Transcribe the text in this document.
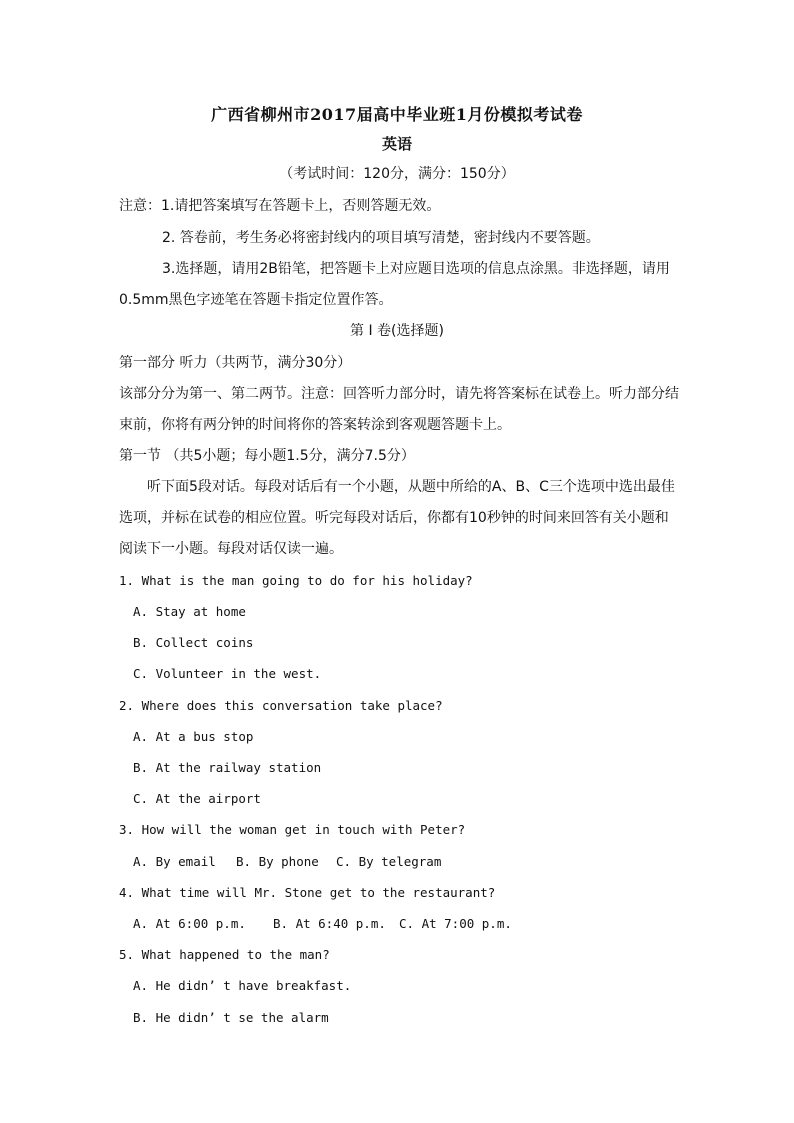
广西省柳州市2017届高中毕业班1月份模拟考试卷
英语
（考试时间：120分，满分：150分）
注意：1.请把答案填写在答题卡上，否则答题无效。
2. 答卷前，考生务必将密封线内的项目填写清楚，密封线内不要答题。
3.选择题，请用2B铅笔，把答题卡上对应题目选项的信息点涂黑。非选择题，请用
0.5mm黑色字迹笔在答题卡指定位置作答。
第 I 卷(选择题)
第一部分 听力（共两节，满分30分）
该部分分为第一、第二两节。注意：回答听力部分时，请先将答案标在试卷上。听力部分结
束前，你将有两分钟的时间将你的答案转涂到客观题答题卡上。
第一节 （共5小题；每小题1.5分，满分7.5分）
听下面5段对话。每段对话后有一个小题，从题中所给的A、B、C三个选项中选出最佳
选项，并标在试卷的相应位置。听完每段对话后，你都有10秒钟的时间来回答有关小题和
阅读下一小题。每段对话仅读一遍。
1. What is the man going to do for his holiday?
A. Stay at home
B. Collect coins
C. Volunteer in the west.
2. Where does this conversation take place?
A. At a bus stop
B. At the railway station
C. At the airport
3. How will the woman get in touch with Peter?
A. By email B. By phone C. By telegram
4. What time will Mr. Stone get to the restaurant?
A. At 6:00 p.m. B. At 6:40 p.m. C. At 7:00 p.m.
5. What happened to the man?
A. He didn’ t have breakfast.
B. He didn’ t se the alarm
